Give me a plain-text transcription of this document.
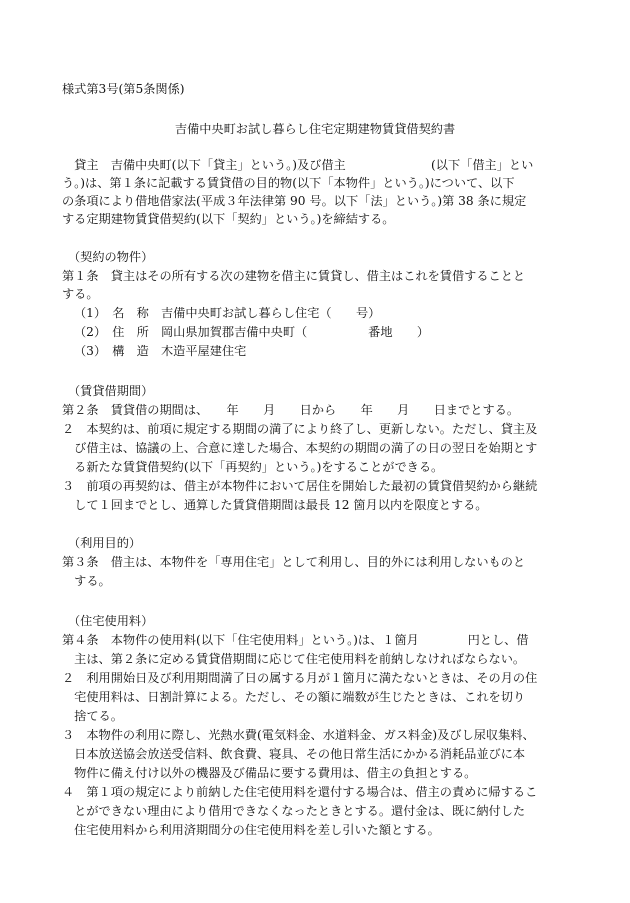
様式第3号(第5条関係)
吉備中央町お試し暮らし住宅定期建物賃貸借契約書
　貸主　吉備中央町(以下「貸主」という。)及び借主　　　　　　　(以下「借主」とい
う。)は、第１条に記載する賃貸借の目的物(以下「本物件」という。)について、以下
の条項により借地借家法(平成３年法律第 90 号。以下「法」という。)第 38 条に規定
する定期建物賃貸借契約(以下「契約」という。)を締結する。
（契約の物件）
第１条　貸主はその所有する次の建物を借主に賃貸し、借主はこれを賃借することと
する。
（1）　名　称　吉備中央町お試し暮らし住宅（　　号）
（2）　住　所　岡山県加賀郡吉備中央町（　　　　　番地　　）
（3）　構　造　木造平屋建住宅
（賃貸借期間）
第２条　賃貸借の期間は、　　年　　月　　日から　　年　　月　　日までとする。
２　本契約は、前項に規定する期間の満了により終了し、更新しない。ただし、貸主及
　び借主は、協議の上、合意に達した場合、本契約の期間の満了の日の翌日を始期とす
　る新たな賃貸借契約(以下「再契約」という。)をすることができる。
３　前項の再契約は、借主が本物件において居住を開始した最初の賃貸借契約から継続
　して１回までとし、通算した賃貸借期間は最長 12 箇月以内を限度とする。
（利用目的）
第３条　借主は、本物件を「専用住宅」として利用し、目的外には利用しないものと
　する。
（住宅使用料）
第４条　本物件の使用料(以下「住宅使用料」という。)は、１箇月　　　　円とし、借
　主は、第２条に定める賃貸借期間に応じて住宅使用料を前納しなければならない。
２　利用開始日及び利用期間満了日の属する月が１箇月に満たないときは、その月の住
　宅使用料は、日割計算による。ただし、その額に端数が生じたときは、これを切り
　捨てる。
３　本物件の利用に際し、光熱水費(電気料金、水道料金、ガス料金)及びし尿収集料、
　日本放送協会放送受信料、飲食費、寝具、その他日常生活にかかる消耗品並びに本
　物件に備え付け以外の機器及び備品に要する費用は、借主の負担とする。
４　第１項の規定により前納した住宅使用料を還付する場合は、借主の責めに帰するこ
　とができない理由により借用できなくなったときとする。還付金は、既に納付した
　住宅使用料から利用済期間分の住宅使用料を差し引いた額とする。
